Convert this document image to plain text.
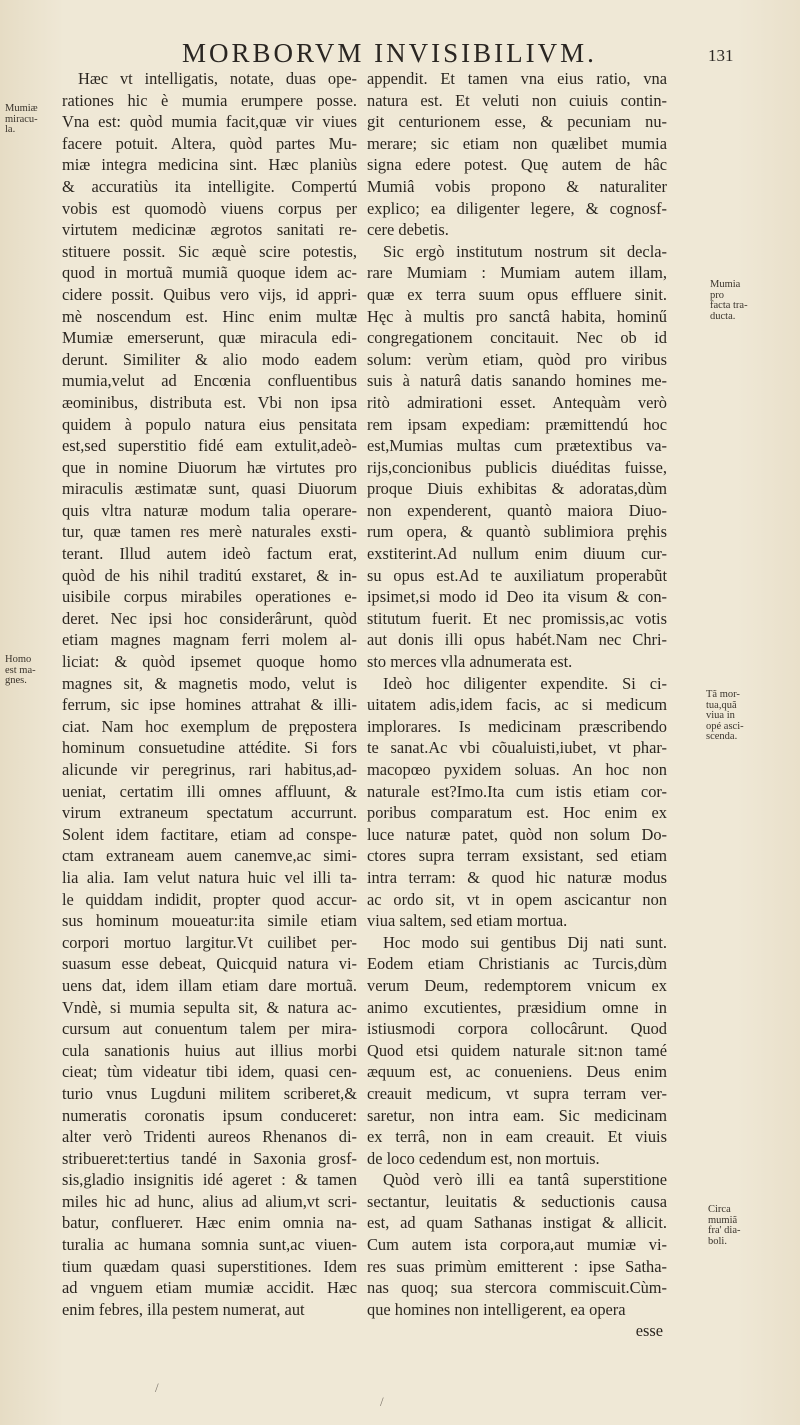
MORBORVM INVISIBILIVM.	131
Hæc vt intelligatis, notate, duas ope-
rationes hic è mumia erumpere posse.
Vna est: quòd mumia facit,quæ vir viues
facere potuit. Altera, quòd partes Mu-
miæ integra medicina sint. Hæc planiùs
& accuratiùs ita intelligite. Compertú
vobis est quomodò viuens corpus per
virtutem medicinæ ægrotos sanitati re-
stituere possit. Sic æquè scire potestis,
quod in mortuã mumiã quoque idem ac-
cidere possit. Quibus vero vijs, id appri-
mè noscendum est. Hinc enim multæ
Mumiæ emerserunt, quæ miracula edi-
derunt. Similiter & alio modo eadem
mumia,velut ad Encœnia confluentibus
æominibus, distributa est. Vbi non ipsa
quidem à populo natura eius pensitata
est,sed superstitio fidé eam extulit,adeò-
que in nomine Diuorum hæ virtutes pro
miraculis æstimatæ sunt, quasi Diuorum
quis vltra naturæ modum talia operare-
tur, quæ tamen res merè naturales exsti-
terant. Illud autem ideò factum erat,
quòd de his nihil traditú exstaret, & in-
uisibile corpus mirabiles operationes e-
deret. Nec ipsi hoc considerârunt, quòd
etiam magnes magnam ferri molem al-
liciat: & quòd ipsemet quoque homo
magnes sit, & magnetis modo, velut is
ferrum, sic ipse homines attrahat & illi-
ciat. Nam hoc exemplum de prępostera
hominum consuetudine attédite. Si fors
alicunde vir peregrinus, rari habitus,ad-
ueniat, certatim illi omnes affluunt, &
virum extraneum spectatum accurrunt.
Solent idem factitare, etiam ad conspe-
ctam extraneam auem canemve,ac simi-
lia alia. Iam velut natura huic vel illi ta-
le quiddam indidit, propter quod accur-
sus hominum moueatur:ita simile etiam
corpori mortuo largitur.Vt cuilibet per-
suasum esse debeat, Quicquid natura vi-
uens dat, idem illam etiam dare mortuã.
Vndè, si mumia sepulta sit, & natura ac-
cursum aut conuentum talem per mira-
cula sanationis huius aut illius morbi
cieat; tùm videatur tibi idem, quasi cen-
turio vnus Lugduni militem scriberet,&
numeratis coronatis ipsum conduceret:
alter verò Tridenti aureos Rhenanos di-
stribueret:tertius tandé in Saxonia grosf-
sis,gladio insignitis idé ageret : & tamen
miles hic ad hunc, alius ad alium,vt scri-
batur, confluerет. Hæc enim omnia na-
turalia ac humana somnia sunt,ac viuen-
tium quædam quasi superstitiones. Idem
ad vnguem etiam mumiæ accidit. Hæc
enim febres, illa pestem numerat, aut
appendit. Et tamen vna eius ratio, vna
natura est. Et veluti non cuiuis contin-
git centurionem esse, & pecuniam nu-
merare; sic etiam non quælibet mumia
signa edere potest. Quę autem de hâc
Mumiâ vobis propono & naturaliter
explico; ea diligenter legere, & cognosf-
cere debetis.
Sic ergò institutum nostrum sit decla-
rare Mumiam : Mumiam autem illam,
quæ ex terra suum opus effluere sinit.
Hęc à multis pro sanctâ habita, hominű
congregationem concitauit. Nec ob id
solum: verùm etiam, quòd pro viribus
suis à naturâ datis sanando homines me-
ritò admirationi esset. Antequàm verò
rem ipsam expediam: præmittendú hoc
est,Mumias multas cum prætextibus va-
rijs,concionibus publicis diuéditas fuisse,
proque Diuis exhibitas & adoratas,dùm
non expenderent, quantò maiora Diuo-
rum opera, & quantò sublimiora pręhis
exstiterint.Ad nullum enim diuum cur-
su opus est.Ad te auxiliatum properabũt
ipsimet,si modo id Deo ita visum & con-
stitutum fuerit. Et nec promissis,ac votis
aut donis illi opus habét.Nam nec Chri-
sto merces vlla adnumerata est.
Ideò hoc diligenter expendite. Si ci-
uitatem adis,idem facis, ac si medicum
implorares. Is medicinam præscribendo
te sanat.Ac vbi cõualuisti,iubet, vt phar-
macopœo pyxidem soluas. An hoc non
naturale est?Imo.Ita cum istis etiam cor-
poribus comparatum est. Hoc enim ex
luce naturæ patet, quòd non solum Do-
ctores supra terram exsistant, sed etiam
intra terram: & quod hic naturæ modus
ac ordo sit, vt in opem ascicantur non
viua saltem, sed etiam mortua.
Hoc modo sui gentibus Dij nati sunt.
Eodem etiam Christianis ac Turcis,dùm
verum Deum, redemptorem vnicum ex
animo excutientes, præsidium omne in
istiusmodi corpora collocârunt. Quod
Quod etsi quidem naturale sit:non tamé
æquum est, ac conueniens. Deus enim
creauit medicum, vt supra terram ver-
saretur, non intra eam. Sic medicinam
ex terrâ, non in eam creauit. Et viuis
de loco cedendum est, non mortuis.
Quòd verò illi ea tantâ superstitione
sectantur, leuitatis & seductionis causa
est, ad quam Sathanas instigat & allicit.
Cum autem ista corpora,aut mumiæ vi-
res suas primùm emitterent : ipse Satha-
nas quoq; sua stercora commiscuit.Cùm-
que homines non intelligerent, ea opera
esse
Mumiæ
miracu-
la.
Homo
est ma-
gnes.
Mumia
pro
facta tra-
ducta.
Tã mor-
tua,quã
viua in
opé asci-
scenda.
Circa
mumiã
fra' dia-
boli.
/
/
